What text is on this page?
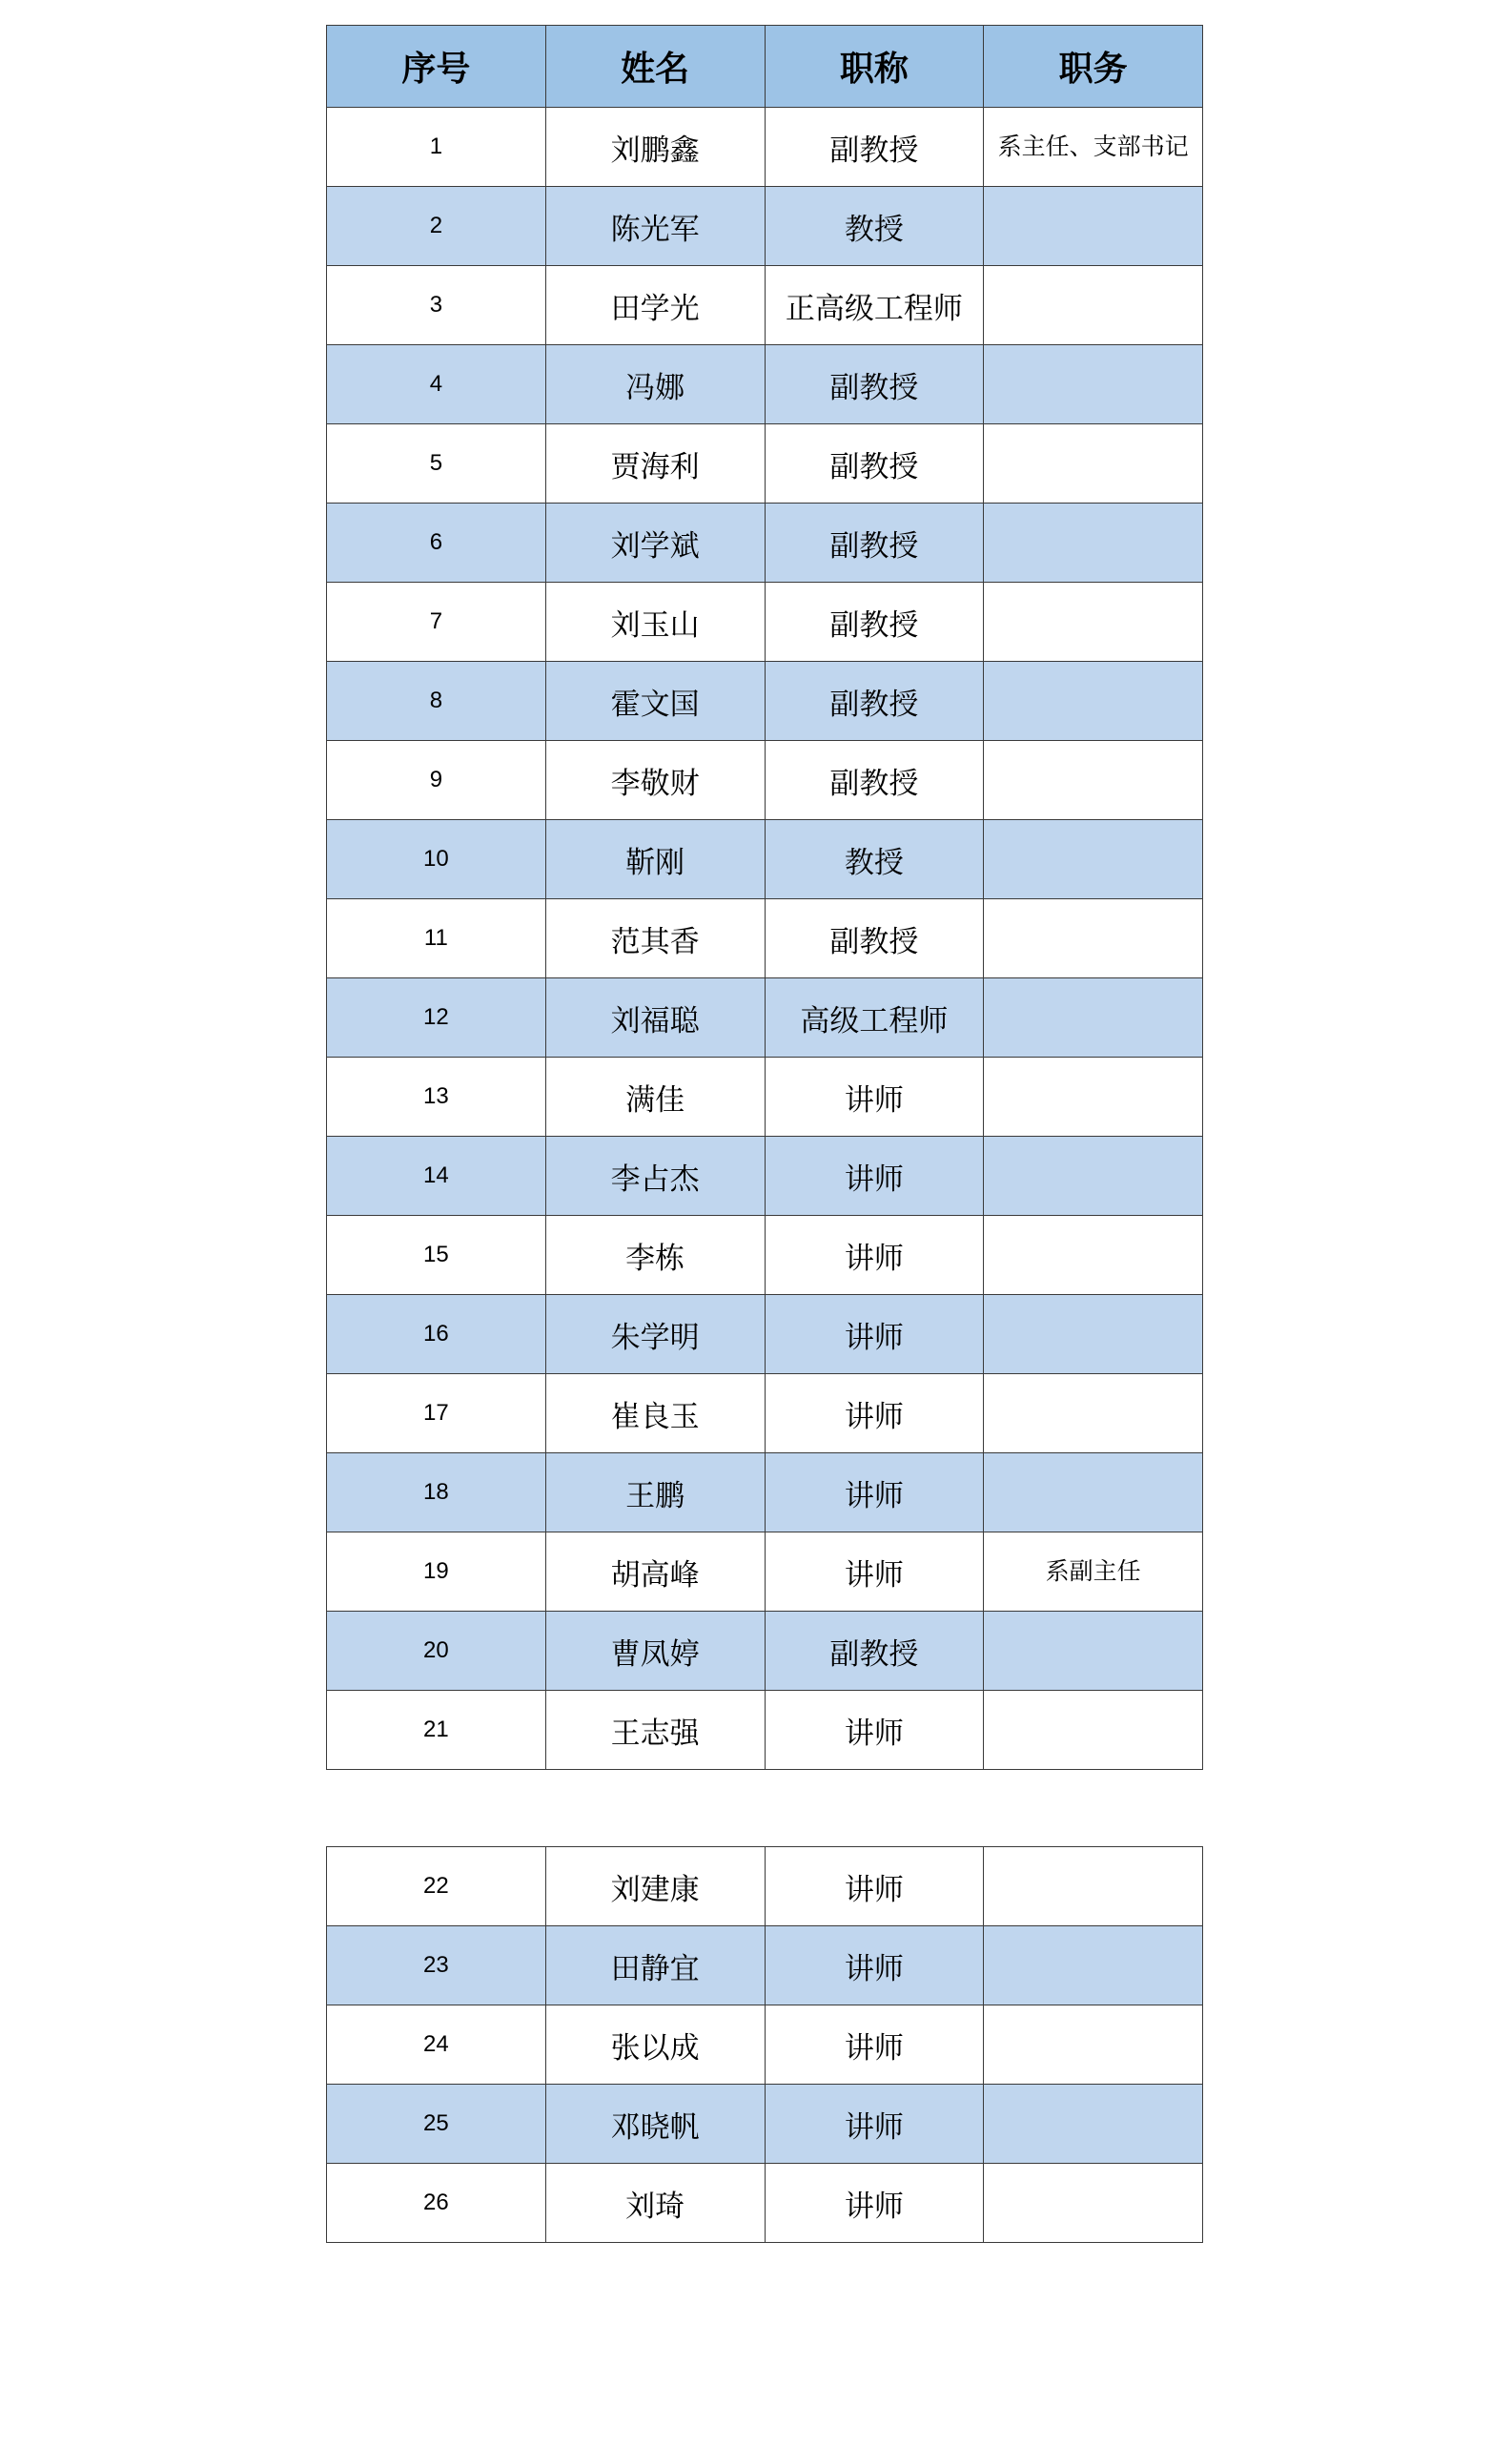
序号	姓名	职称	职务
1	刘鹏鑫	副教授	系主任、支部书记
2	陈光军	教授	
3	田学光	正高级工程师	
4	冯娜	副教授	
5	贾海利	副教授	
6	刘学斌	副教授	
7	刘玉山	副教授	
8	霍文国	副教授	
9	李敬财	副教授	
10	靳刚	教授	
11	范其香	副教授	
12	刘福聪	高级工程师	
13	满佳	讲师	
14	李占杰	讲师	
15	李栋	讲师	
16	朱学明	讲师	
17	崔良玉	讲师	
18	王鹏	讲师	
19	胡高峰	讲师	系副主任
20	曹凤婷	副教授	
21	王志强	讲师	
22	刘建康	讲师	
23	田静宜	讲师	
24	张以成	讲师	
25	邓晓帆	讲师	
26	刘琦	讲师	
